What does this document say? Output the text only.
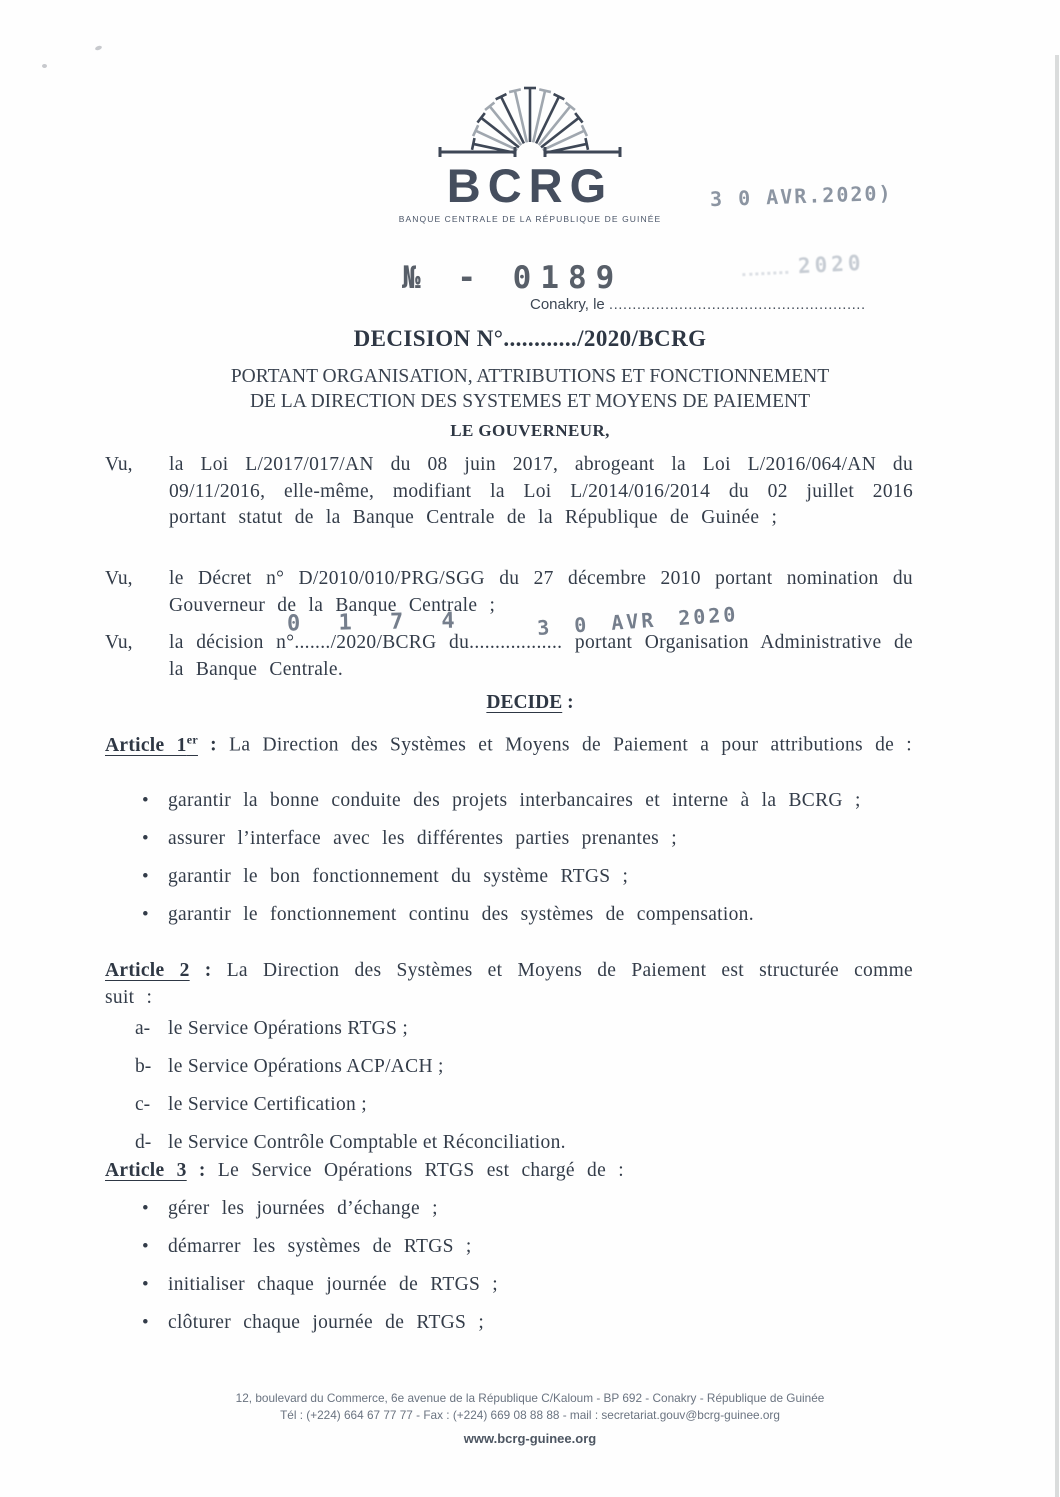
BCRG
BANQUE CENTRALE DE LA RÉPUBLIQUE DE GUINÉE
3 0 AVR.2020)
2020
№ - 0189
Conakry, le .......................................................
DECISION N°............/2020/BCRG
PORTANT ORGANISATION, ATTRIBUTIONS ET FONCTIONNEMENT
DE LA DIRECTION DES SYSTEMES ET MOYENS DE PAIEMENT
LE GOUVERNEUR,
Vu,	la Loi L/2017/017/AN du 08 juin 2017, abrogeant la Loi L/2016/064/AN du 09/11/2016, elle-même, modifiant la Loi L/2014/016/2014 du 02 juillet 2016 portant statut de la Banque Centrale de la République de Guinée ;
Vu,	le Décret n° D/2010/010/PRG/SGG du 27 décembre 2010 portant nomination du Gouverneur de la Banque Centrale ;
Vu,
0 1 7 4	3 0 AVR 2020
la décision n°......./2020/BCRG du.................. portant Organisation Administrative de la Banque Centrale.
DECIDE :
Article 1er : La Direction des Systèmes et Moyens de Paiement a pour attributions de :
• garantir la bonne conduite des projets interbancaires et interne à la BCRG ;
• assurer l’interface avec les différentes parties prenantes ;
• garantir le bon fonctionnement du système RTGS ;
• garantir le fonctionnement continu des systèmes de compensation.
Article 2 : La Direction des Systèmes et Moyens de Paiement est structurée comme suit :
a- le Service Opérations RTGS ;
b- le Service Opérations ACP/ACH ;
c- le Service Certification ;
d- le Service Contrôle Comptable et Réconciliation.
Article 3 : Le Service Opérations RTGS est chargé de :
• gérer les journées d’échange ;
• démarrer les systèmes de RTGS ;
• initialiser chaque journée de RTGS ;
• clôturer chaque journée de RTGS ;
12, boulevard du Commerce, 6e avenue de la République C/Kaloum - BP 692 - Conakry - République de Guinée
Tél : (+224) 664 67 77 77 - Fax : (+224) 669 08 88 88 - mail : secretariat.gouv@bcrg-guinee.org
www.bcrg-guinee.org
